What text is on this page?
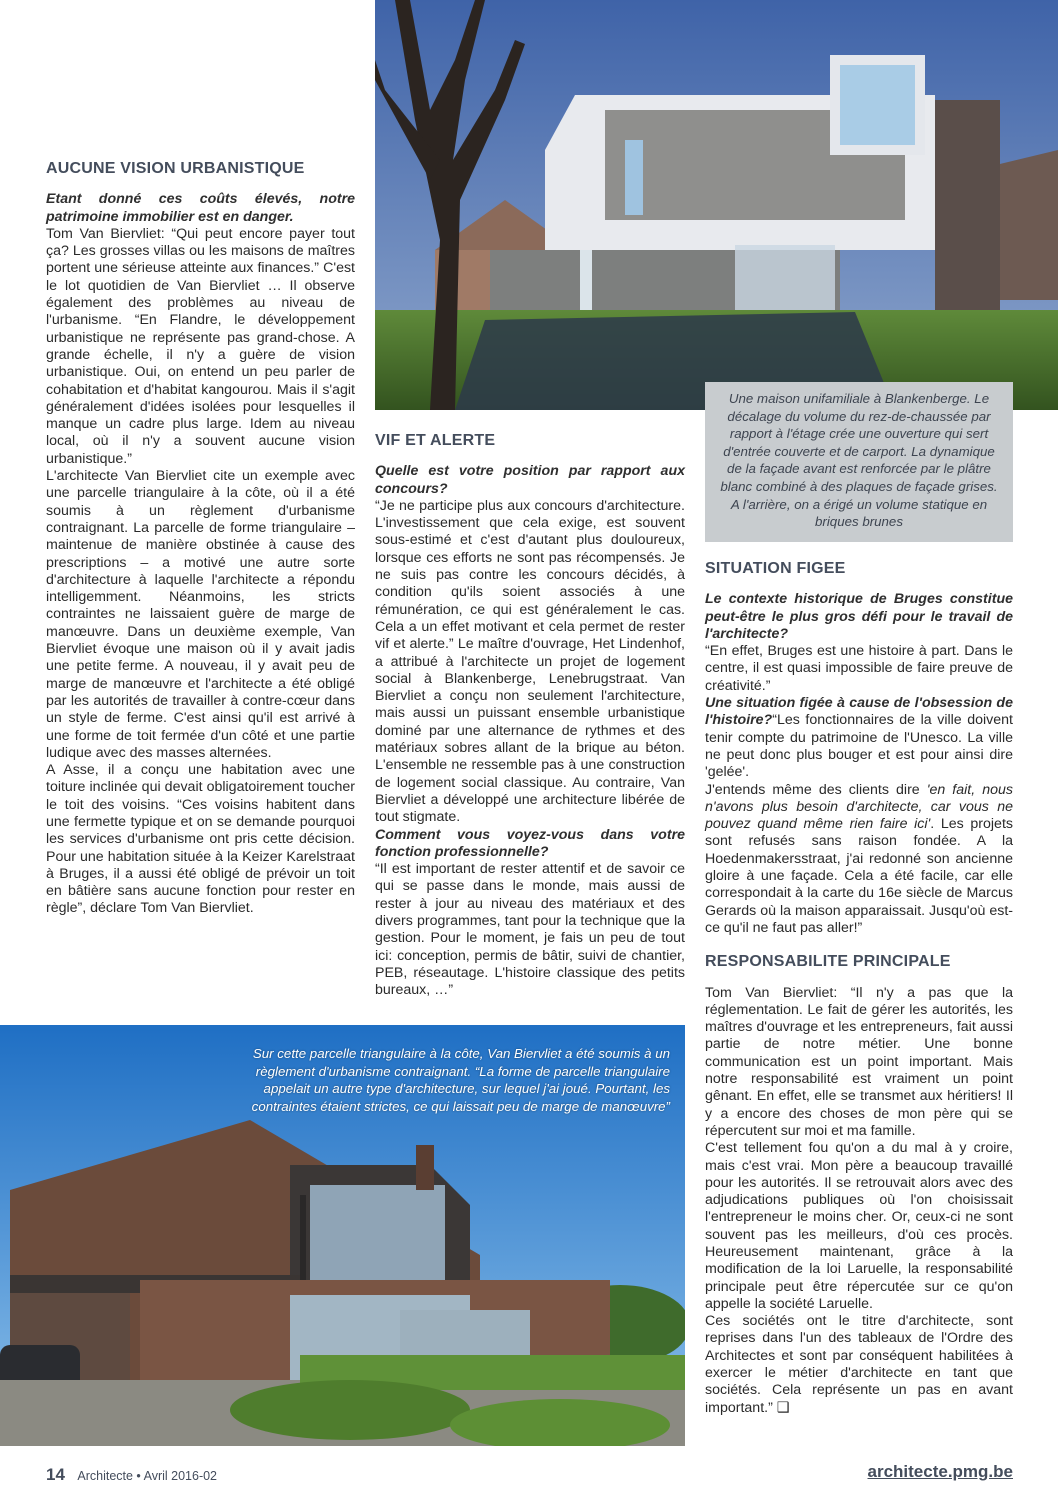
AUCUNE VISION URBANISTIQUE

Etant donné ces coûts élevés, notre patrimoine immobilier est en danger.

Tom Van Biervliet: “Qui peut encore payer tout ça? Les grosses villas ou les maisons de maîtres portent une sérieuse atteinte aux finances.” C'est le lot quotidien de Van Biervliet … Il observe également des problèmes au niveau de l'urbanisme. “En Flandre, le développement urbanistique ne représente pas grand-chose. A grande échelle, il n'y a guère de vision urbanistique. Oui, on entend un peu parler de cohabitation et d'habitat kangourou. Mais il s'agit généralement d'idées isolées pour lesquelles il manque un cadre plus large. Idem au niveau local, où il n'y a souvent aucune vision urbanistique.”

L'architecte Van Biervliet cite un exemple avec une parcelle triangulaire à la côte, où il a été soumis à un règlement d'urbanisme contraignant. La parcelle de forme triangulaire – maintenue de manière obstinée à cause des prescriptions – a motivé une autre sorte d'architecture à laquelle l'architecte a répondu intelligemment. Néanmoins, les stricts contraintes ne laissaient guère de marge de manœuvre. Dans un deuxième exemple, Van Biervliet évoque une maison où il y avait jadis une petite ferme. A nouveau, il y avait peu de marge de manœuvre et l'architecte a été obligé par les autorités de travailler à contre-cœur dans un style de ferme. C'est ainsi qu'il est arrivé à une forme de toit fermée d'un côté et une partie ludique avec des masses alternées.

A Asse, il a conçu une habitation avec une toiture inclinée qui devait obligatoirement toucher le toit des voisins. “Ces voisins habitent dans une fermette typique et on se demande pourquoi les services d'urbanisme ont pris cette décision. Pour une habitation située à la Keizer Karelstraat à Bruges, il a aussi été obligé de prévoir un toit en bâtière sans aucune fonction pour rester en règle”, déclare Tom Van Biervliet.

VIF ET ALERTE

Quelle est votre position par rapport aux concours?

“Je ne participe plus aux concours d'architecture. L'investissement que cela exige, est souvent sous-estimé et c'est d'autant plus douloureux, lorsque ces efforts ne sont pas récompensés. Je ne suis pas contre les concours décidés, à condition qu'ils soient associés à une rémunération, ce qui est généralement le cas. Cela a un effet motivant et cela permet de rester vif et alerte.” Le maître d'ouvrage, Het Lindenhof, a attribué à l'architecte un projet de logement social à Blankenberge, Lenebrugstraat. Van Biervliet a conçu non seulement l'architecture, mais aussi un puissant ensemble urbanistique dominé par une alternance de rythmes et des matériaux sobres allant de la brique au béton. L'ensemble ne ressemble pas à une construction de logement social classique. Au contraire, Van Biervliet a développé une architecture libérée de tout stigmate.

Comment vous voyez-vous dans votre fonction professionnelle?

“Il est important de rester attentif et de savoir ce qui se passe dans le monde, mais aussi de rester à jour au niveau des matériaux et des divers programmes, tant pour la technique que la gestion. Pour le moment, je fais un peu de tout ici: conception, permis de bâtir, suivi de chantier, PEB, réseautage. L'histoire classique des petits bureaux, …”

Une maison unifamiliale à Blankenberge. Le décalage du volume du rez-de-chaussée par rapport à l'étage crée une ouverture qui sert d'entrée couverte et de carport. La dynamique de la façade avant est renforcée par le plâtre blanc combiné à des plaques de façade grises. A l'arrière, on a érigé un volume statique en briques brunes
SITUATION FIGEE

Le contexte historique de Bruges constitue peut-être le plus gros défi pour le travail de l'architecte?

“En effet, Bruges est une histoire à part. Dans le centre, il est quasi impossible de faire preuve de créativité.”

Une situation figée à cause de l'obsession de l'histoire?“Les fonctionnaires de la ville doivent tenir compte du patrimoine de l'Unesco. La ville ne peut donc plus bouger et est pour ainsi dire 'gelée'.

J'entends même des clients dire 'en fait, nous n'avons plus besoin d'architecte, car vous ne pouvez quand même rien faire ici'. Les projets sont refusés sans raison fondée. A la Hoedenmakersstraat, j'ai redonné son ancienne gloire à une façade. Cela a été facile, car elle correspondait à la carte du 16e siècle de Marcus Gerards où la maison apparaissait. Jusqu'où est-ce qu'il ne faut pas aller!”

RESPONSABILITE PRINCIPALE

Tom Van Biervliet: “Il n'y a pas que la réglementation. Le fait de gérer les autorités, les maîtres d'ouvrage et les entrepreneurs, fait aussi partie de notre métier. Une bonne communication est un point important. Mais notre responsabilité est vraiment un point gênant. En effet, elle se transmet aux héritiers! Il y a encore des choses de mon père qui se répercutent sur moi et ma famille.

C'est tellement fou qu'on a du mal à y croire, mais c'est vrai. Mon père a beaucoup travaillé pour les autorités. Il se retrouvait alors avec des adjudications publiques où l'on choisissait l'entrepreneur le moins cher. Or, ceux-ci ne sont souvent pas les meilleurs, d'où ces procès. Heureusement maintenant, grâce à la modification de la loi Laruelle, la responsabilité principale peut être répercutée sur ce qu'on appelle la société Laruelle.

Ces sociétés ont le titre d'architecte, sont reprises dans l'un des tableaux de l'Ordre des Architectes et sont par conséquent habilitées à exercer le métier d'architecte en tant que sociétés. Cela représente un pas en avant important.” ❑

Sur cette parcelle triangulaire à la côte, Van Biervliet a été soumis à un règlement d'urbanisme contraignant. “La forme de parcelle triangulaire appelait un autre type d'architecture, sur lequel j'ai joué. Pourtant, les contraintes étaient strictes, ce qui laissait peu de marge de manœuvre”
14 Architecte • Avril 2016-02	architecte.pmg.be
